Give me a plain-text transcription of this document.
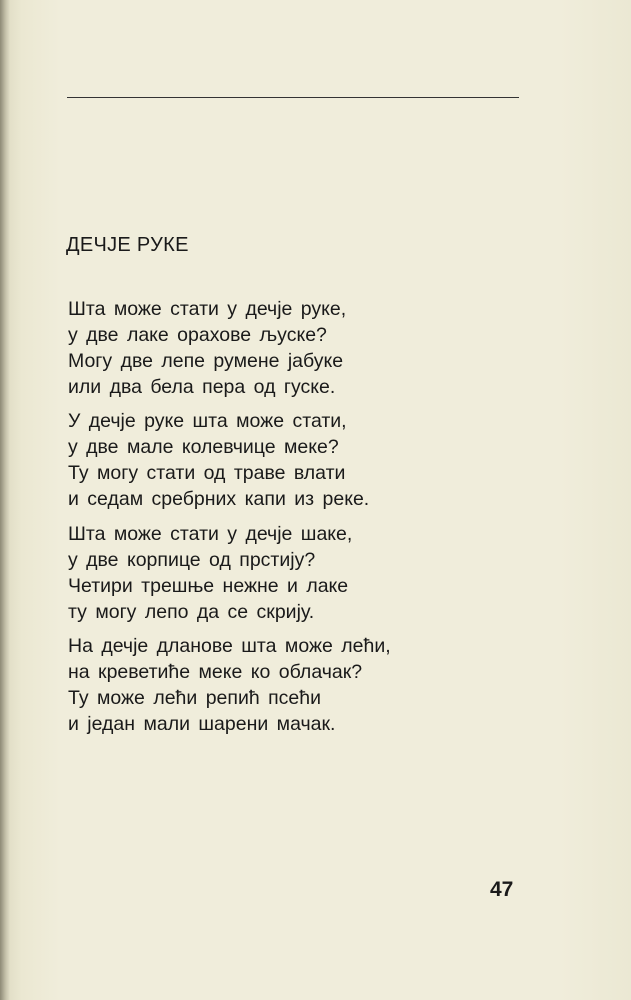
ДЕЧЈЕ РУКЕ
Шта може стати у дечје руке,
у две лаке орахове љуске?
Могу две лепе румене јабуке
или два бела пера од гуске.
У дечје руке шта може стати,
у две мале колевчице меке?
Ту могу стати од траве влати
и седам сребрних капи из реке.
Шта може стати у дечје шаке,
у две корпице од прстију?
Четири трешње нежне и лаке
ту могу лепо да се скрију.
На дечје дланове шта може лећи,
на креветиће меке ко облачак?
Ту може лећи репић псећи
и један мали шарени мачак.
47
